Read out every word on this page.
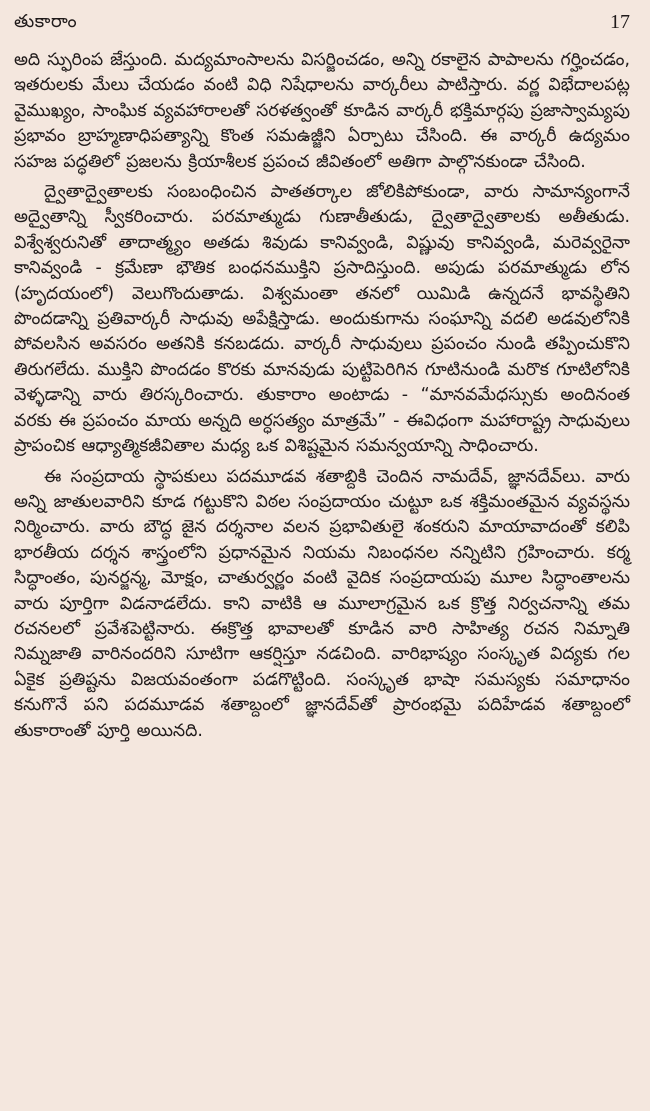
తుకారాం	17

అది స్ఫురింప జేస్తుంది. మద్యమాంసాలను విసర్జించడం, అన్ని రకాలైన పాపాలను గర్హించడం, ఇతరులకు మేలు చేయడం వంటి విధి నిషేధాలను వార్కరీలు పాటిస్తారు. వర్ణ విభేదాలపట్ల వైముఖ్యం, సాంఘిక వ్యవహారాలతో సరళత్వంతో కూడిన వార్కరీ భక్తిమార్గపు ప్రజాస్వామ్యపు ప్రభావం బ్రాహ్మణాధిపత్యాన్ని కొంత సమఉజ్జీని ఏర్పాటు చేసింది. ఈ వార్కరీ ఉద్యమం సహజ పద్ధతిలో ప్రజలను క్రియాశీలక ప్రపంచ జీవితంలో అతిగా పాల్గొనకుండా చేసింది.

ద్వైతాద్వైతాలకు సంబంధించిన పాతతర్కాల జోలికిపోకుండా, వారు సామాన్యంగానే అద్వైతాన్ని స్వీకరించారు. పరమాత్ముడు గుణాతీతుడు, ద్వైతాద్వైతాలకు అతీతుడు. విశ్వేశ్వరునితో తాదాత్మ్యం అతడు శివుడు కానివ్వండి, విష్ణువు కానివ్వండి, మరెవ్వరైనా కానివ్వండి - క్రమేణా భౌతిక బంధనముక్తిని ప్రసాదిస్తుంది. అపుడు పరమాత్ముడు లోన (హృదయంలో) వెలుగొందుతాడు. విశ్వమంతా తనలో యిమిడి ఉన్నదనే భావస్థితిని పొందడాన్ని ప్రతివార్కరీ సాధువు అపేక్షిస్తాడు. అందుకుగాను సంఘాన్ని వదలి అడవులోనికి పోవలసిన అవసరం అతనికి కనబడదు. వార్కరీ సాధువులు ప్రపంచం నుండి తప్పించుకొని తిరుగలేదు. ముక్తిని పొందడం కొరకు మానవుడు పుట్టిపెరిగిన గూటినుండి మరొక గూటిలోనికి వెళ్ళడాన్ని వారు తిరస్కరించారు. తుకారాం అంటాడు - “మానవమేధస్సుకు అందినంత వరకు ఈ ప్రపంచం మాయ అన్నది అర్ధసత్యం మాత్రమే” - ఈవిధంగా మహారాష్ట్ర సాధువులు ప్రాపంచిక ఆధ్యాత్మికజీవితాల మధ్య ఒక విశిష్టమైన సమన్వయాన్ని సాధించారు.

ఈ సంప్రదాయ స్థాపకులు పదమూడవ శతాబ్దికి చెందిన నామదేవ్, జ్ఞానదేవ్‌లు. వారు అన్ని జాతులవారిని కూడ గట్టుకొని విఠల సంప్రదాయం చుట్టూ ఒక శక్తిమంతమైన వ్యవస్థను నిర్మించారు. వారు బౌద్ధ జైన దర్శనాల వలన ప్రభావితులై శంకరుని మాయావాదంతో కలిపి భారతీయ దర్శన శాస్త్రంలోని ప్రధానమైన నియమ నిబంధనల నన్నిటిని గ్రహించారు. కర్మ సిద్ధాంతం, పునర్జన్మ, మోక్షం, చాతుర్వర్ణం వంటి వైదిక సంప్రదాయపు మూల సిద్ధాంతాలను వారు పూర్తిగా విడనాడలేదు. కాని వాటికి ఆ మూలాగ్రమైన ఒక క్రొత్త నిర్వచనాన్ని తమ రచనలలో ప్రవేశపెట్టినారు. ఈక్రొత్త భావాలతో కూడిన వారి సాహిత్య రచన నిమ్నాతి నిమ్నజాతి వారినందరిని సూటిగా ఆకర్షిస్తూ నడచింది. వారిభాష్యం సంస్కృత విద్యకు గల ఏకైక ప్రతిష్టను విజయవంతంగా పడగొట్టింది. సంస్కృత భాషా సమస్యకు సమాధానం కనుగొనే పని పదమూడవ శతాబ్దంలో జ్ఞానదేవ్‌తో ప్రారంభమై పదిహేడవ శతాబ్దంలో తుకారాంతో పూర్తి అయినది.
